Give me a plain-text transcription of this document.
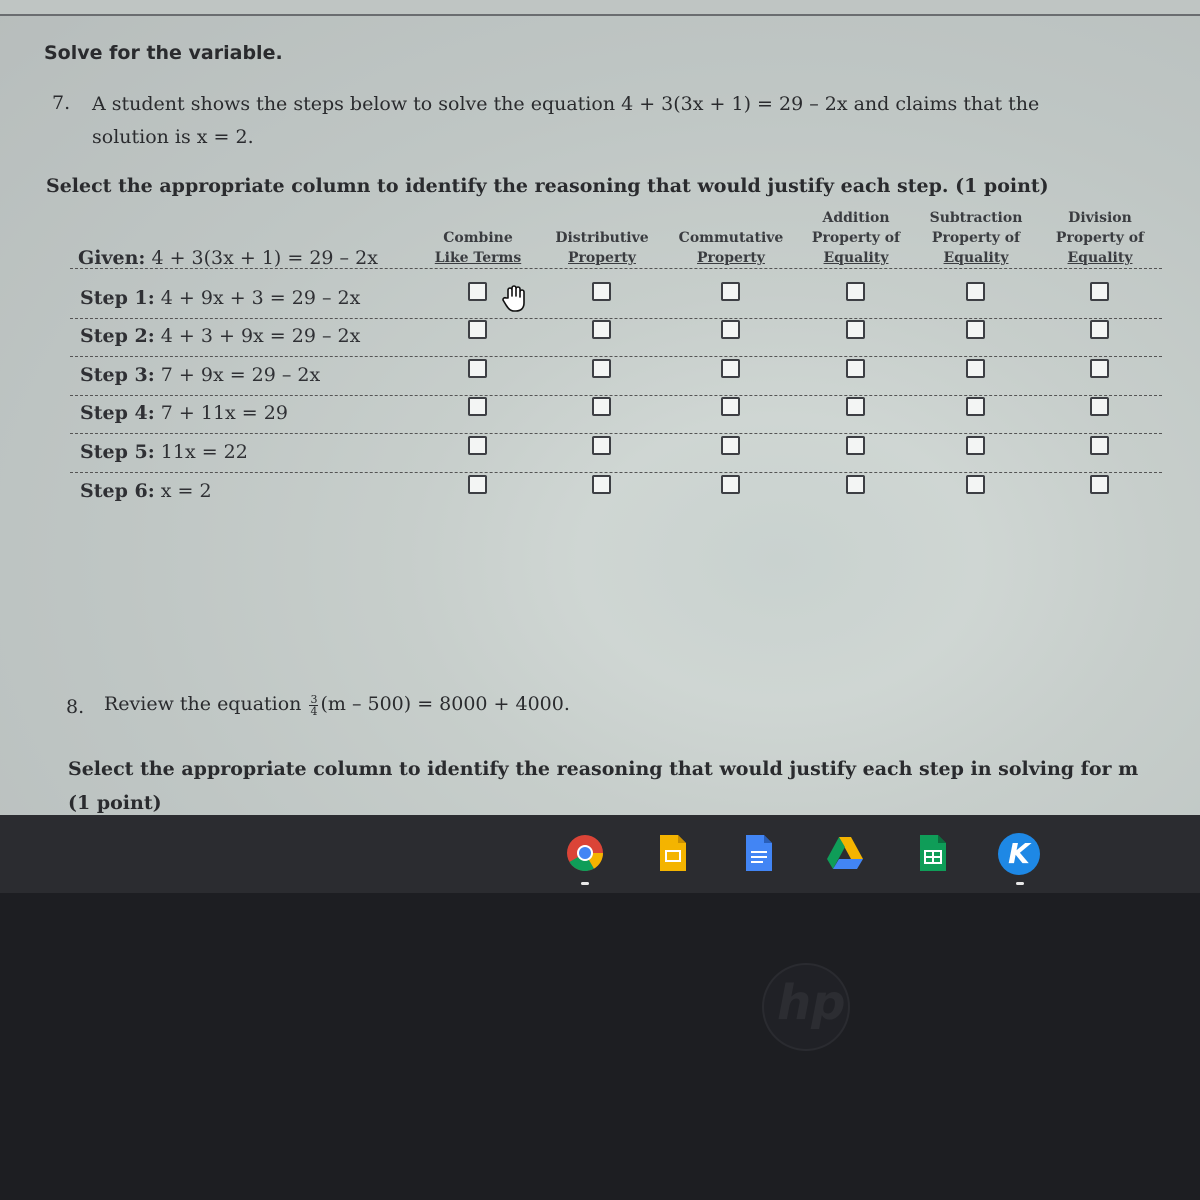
Solve for the variable.
7. A student shows the steps below to solve the equation 4 + 3(3x + 1) = 29 – 2x and claims that the
solution is x = 2.
Select the appropriate column to identify the reasoning that would justify each step. (1 point)
Combine
Like Terms
Distributive
Property
Commutative
Property
Addition
Property of
Equality
Subtraction
Property of
Equality
Division
Property of
Equality
Given: 4 + 3(3x + 1) = 29 – 2x
Step 1: 4 + 9x + 3 = 29 – 2x
Step 2: 4 + 3 + 9x = 29 – 2x
Step 3: 7 + 9x = 29 – 2x
Step 4: 7 + 11x = 29
Step 5: 11x = 22
Step 6: x = 2
8. Review the equation $\frac{3}{4} (m - 500) = 8000 + 4000$.
Select the appropriate column to identify the reasoning that would justify each step in solving for m
(1 point)
K
hp
